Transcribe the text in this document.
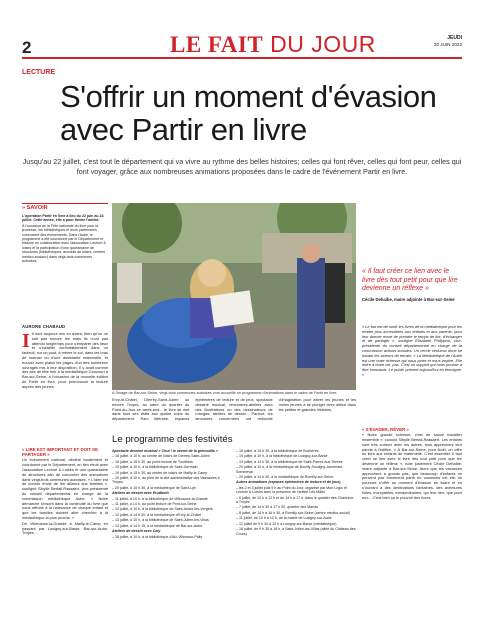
2	LE FAIT DU JOUR	JEUDI
30 JUIN 2022
LECTURE
S'offrir un moment d'évasion
avec Partir en livre
Jusqu'au 22 juillet, c'est tout le département qui va vivre au rythme des belles histoires; celles qui font rêver, celles qui font peur, celles qui font voyager, grâce aux nombreuses animations proposées dans le cadre de l'événement Partir en livre.
» SAVOIR

L'opération Partir en livre a lieu du 22 juin au 24 juillet. Cette année, elle a pour thème l'amitié.

À l'occasion de la Fête nationale du livre pour la jeunesse, les bibliothèques et leurs partenaires concoctent des événements. Dans l'Aube, le programme a été coordonné par le Département et élaboré en collaboration avec l'association Lecture & loisirs et la participation d'une quarantaine de structures (bibliothèques, accueils de loisirs, centres médico-sociaux) dans vingt-trois communes auboises.

AURORE CHABAUD
I Il sont toujours mis en avant, bien qu'on ne sait pas encore lire mais ils n'ont pas attendu longtemps pour s'emparer des lieux et s'installer confortablement dans un fauteuil, sur un pouf, à même le sol, dans les bras de maman ou d'une assistante maternelle, et trouver avec plaisir les pages d'un des nombreux ouvrages mis à leur disposition. Il y avait comme des airs de fête hier à la médiathèque Gonzourt à Bar-sur-Seine, à l'occasion de la nouvelle édition de Partir en livre, pour promouvoir la lecture auprès des jeunes.

« LIRE EST IMPORTANT ET DOIT SE PARTAGER »

Un événement national, décliné localement et coordonné par le Département, en lien étroit avec l'association Lecture & Loisirs et une quarantaine de structures afin de concocter des animations dans vingt-trois communes auboises. « L'idée est de donner envie de lire ailleurs aux familles », souligne Sibylle Bertail-Rassaert, vice-présidente du conseil départemental en charge de la commission médiathèque Aube. « Notre démarche s'inscrit dans la continuité du livre que nous offrons à la naissance de chaque enfant et que les familles doivent aller chercher à la médiathèque la plus proche. »

De Villenauxe-la-Grande à Mailly-le-Camp en passant par Lusigny-sur-Barse, Bar-sur-Aube, Troyes...

À l'image de Bar-sur-Seine, vingt-trois communes auboises vont accueillir un programme d'animations dans le cadre de Partir en livre.

Ervy-le-Châtel, Dierrey-Saint-Julien ou encore Troyes, au cœur du quartier du Point-du-Jour ce week-end... le livre se met dans tous ses états aux quatre coins du département. Parc littéraire, espaces éphémères de lecture et de jeux, spectacle dessiné musical, rencontres-ateliers avec des illustrateurs ou des dessinateurs de mangas, ateliers de dessin... Partout, les structures concernées ont redoublé d'imagination pour attirer les jeunes et les moins jeunes à se plonger avec délice dans les petites et grandes histoires.

Le programme des festivités

Spectacle dessiné musical « Chut ! le secret de la grenouille »

– 18 juillet, à 10 h, au centre de loisirs de Dierrey-Saint-Julien

– 18 juillet, à 15 h 30, au point-lecture de Torvilliers

– 19 juillet, à 10 h, à la bibliothèque de Saint-Germain

– 19 juillet, à 15 h 30, au centre de loisirs de Mailly-le-Camp

– 20 juillet, à 10 h, au pied de la cité administrative des Vassaules à Troyes

– 20 juillet, à 15 h 30, à la médiathèque de Saint-Lyé.

Ateliers de dessin avec Erudboth

– 11 juillet, à 10 h, à la bibliothèque de Villenauxe-la-Grande

– 11 juillet, à 14 h, au point lecture de Pont-sur-Seine

– 12 juillet, à 10 h, à la bibliothèque de Saint-André-les-Vergers

– 12 juillet, à 14 h 30, à la médiathèque d'Ervy-le-Châtel

– 13 juillet, à 10 h, à la bibliothèque de Saint-Julien-les-Villas

– 13 juillet, à 14 h 15, à la médiathèque de Bar-sur-Aube.

Ateliers de dessin avec Caly

– 18 juillet, à 10 h, à la bibliothèque d'Aix-Villemaur-Pâlis

– 18 juillet, à 14 h 30, à la bibliothèque de Buchères

– 19 juillet, à 10 h, à la bibliothèque de Lusigny-sur-Barse

– 19 juillet, à 14 h 30, à la bibliothèque de Saint-Parres-aux-Tertres

– 20 juillet, à 10 h, à la médiathèque de Bouilly-Souligny-Javernant-Sommeval

– 20 juillet, à 14 h 30, à la médiathèque de Romilly-sur-Seine.

Autres animations (espaces éphémères de lecture et de jeux)

– les 2 et 3 juillet puis 9 h au Point du Jour, organisé par Mon Logis et Lecture & Loisirs avec la présence de l'artiste Léo Malki

– 6 juillet, de 10 h à 12 h et de 14 h à 17 h, dans le quartier des Chartreux à Troyes

– 7 juillet, de 14 h 30 à 17 h 30, quartier des Marots

– 8 juillet, de 14 h à 16 h 30, à Romilly-sur-Seine (centre médico-social)

– 11 juillet, de 10 h à 12 h, de la mairie de Lusigny-sur-Aube

– 12 juillet de 9 h 30 à 12 h à Lusigny-sur-Barse (médiathèque)

– 18 juillet, de 9 h 30 à 18 h, à Saint-Julien-les-Villas (allée du Château des Cours).

« Il faut créer ce lien avec le livre dès tout petit pour que lire devienne un réflexe »
Cécile Dehaibe, maire adjointe à Bar-sur-Seine

« Le but est de sortir les livres de la médiathèque pour les rendre plus accessibles aux enfants et aux parents, pour leur donner envie de prendre le temps de lire, d'échanger et de partager », souligne Élisabeth Philippon, vice-présidente du conseil départemental en charge de la commission actions sociales. Un cercle vertueux donc se tissant les acteurs de terrain. « La Médiathèque de l'Aube est une vraie richesse qui nous porte et nous inspire. Elle entre à notre vie, pas. C'est un support qui nous pousse à être innovants. Le public présent aujourd'hui en témoigne. »

« S'ÉVADER, RÊVER »

« Notre grande richesse, c'est de savoir travailler ensemble », conclut Sibylle Bertail-Rassaert. Les enfants sont très curieux avec les autres, tous apprennent leur parole à l'édifice. « À Bar-sur-Seine, pour Noël, on offre un livre aux enfants de maternelle. C'est essentiel. Il faut créer ce lien avec le livre dès tout petit pour que lire devienne un réflexe », note justement Cécile Dehaibe, maire adjointe à Bar-sur-Seine. Alors que les vacances approchent à grands pas, que beaucoup d'enfants ne peuvent pas forcément partir en vacances cet été, ils pourront s'offrir un moment d'évasion en lisant et en s'ouvrant à des destinations lointaines, des aventures folles, incroyables, extraordinaires, qui leur rien, que pour eux... C'est bien ça le pouvoir des livres.
